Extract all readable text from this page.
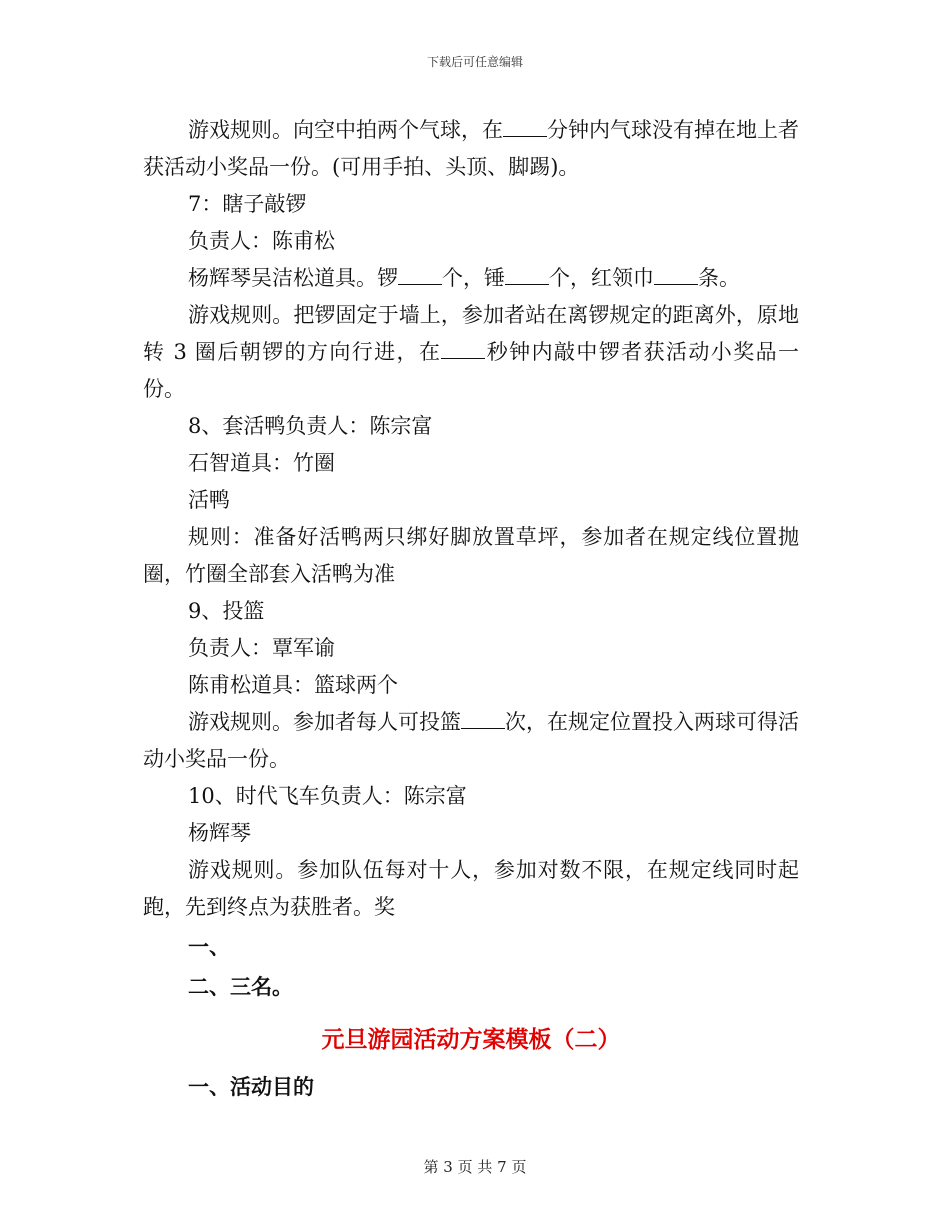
下载后可任意编辑

游戏规则。向空中拍两个气球，在 分钟内气球没有掉在地上者获活动小奖品一份。(可用手拍、头顶、脚踢)。

7：瞎子敲锣

负责人：陈甫松

杨辉琴吴洁松道具。锣 个，锤 个，红领巾 条。

游戏规则。把锣固定于墙上，参加者站在离锣规定的距离外，原地转 3 圈后朝锣的方向行进，在 秒钟内敲中锣者获活动小奖品一份。

8、套活鸭负责人：陈宗富

石智道具：竹圈

活鸭

规则：准备好活鸭两只绑好脚放置草坪，参加者在规定线位置抛圈，竹圈全部套入活鸭为准

9、投篮

负责人：覃军谕

陈甫松道具：篮球两个

游戏规则。参加者每人可投篮 次，在规定位置投入两球可得活动小奖品一份。

10、时代飞车负责人：陈宗富

杨辉琴

游戏规则。参加队伍每对十人，参加对数不限，在规定线同时起跑，先到终点为获胜者。奖

一、

二、三名。

元旦游园活动方案模板（二）

一、活动目的

第 3 页 共 7 页
